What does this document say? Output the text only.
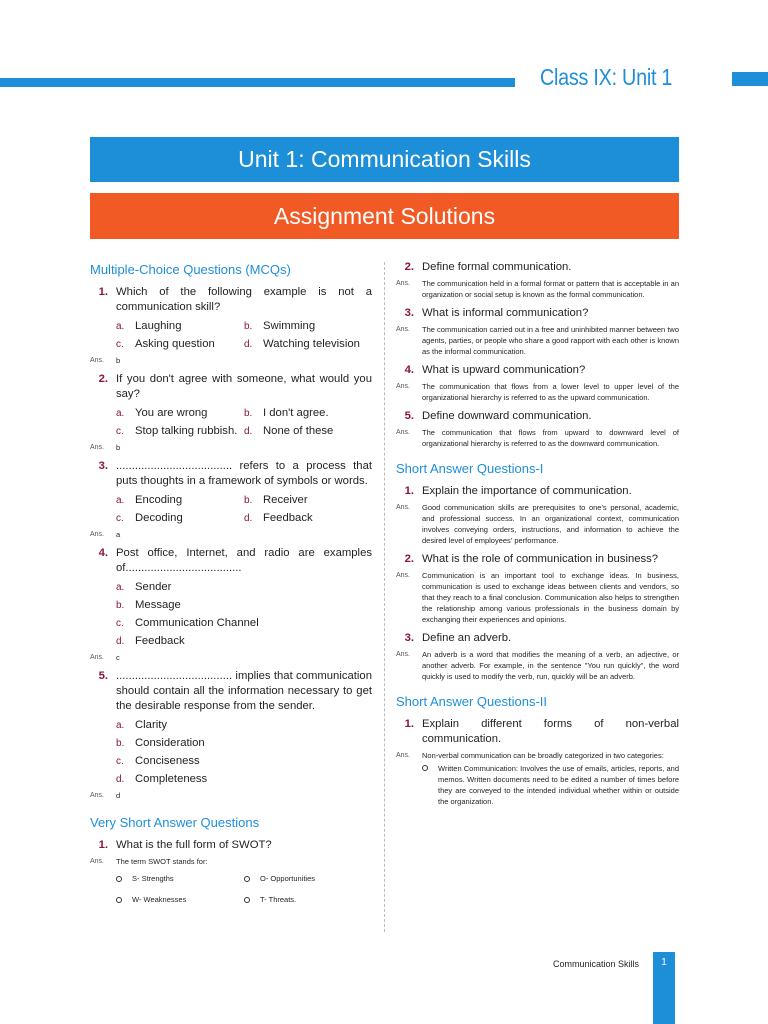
Class IX: Unit 1
Unit 1: Communication Skills
Assignment Solutions
Multiple-Choice Questions (MCQs)
1. Which of the following example is not a communication skill?
a. Laughing	b. Swimming
c. Asking question	d. Watching television
Ans.	b
2. If you don't agree with someone, what would you say?
a. You are wrong	b. I don't agree.
c. Stop talking rubbish. d. None of these
Ans.	b
3. ..................................... refers to a process that puts thoughts in a framework of symbols or words.
a. Encoding	b. Receiver
c. Decoding	d. Feedback
Ans.	a
4. Post office, Internet, and radio are examples of.....................................
a. Sender
b. Message
c. Communication Channel
d. Feedback
Ans.	c
5. ..................................... implies that communication should contain all the information necessary to get the desirable response from the sender.
a. Clarity
b. Consideration
c. Conciseness
d. Completeness
Ans.	d
Very Short Answer Questions
1. What is the full form of SWOT?
Ans.	The term SWOT stands for:
S- Strengths	O- Opportunities
W- Weaknesses	T- Threats.
2. Define formal communication.
Ans.	The communication held in a formal format or pattern that is acceptable in an organization or social setup is known as the formal communication.
3. What is informal communication?
Ans.	The communication carried out in a free and uninhibited manner between two agents, parties, or people who share a good rapport with each other is known as the informal communication.
4. What is upward communication?
Ans.	The communication that flows from a lower level to upper level of the organizational hierarchy is referred to as the upward communication.
5. Define downward communication.
Ans.	The communication that flows from upward to downward level of organizational hierarchy is referred to as the downward communication.
Short Answer Questions-I
1. Explain the importance of communication.
Ans.	Good communication skills are prerequisites to one's personal, academic, and professional success. In an organizational context, communication involves conveying orders, instructions, and information to achieve the desired level of employees' performance.
2. What is the role of communication in business?
Ans.	Communication is an important tool to exchange ideas. In business, communication is used to exchange ideas between clients and vendors, so that they reach to a final conclusion. Communication also helps to strengthen the relationship among various professionals in the business domain by exchanging their experiences and opinions.
3. Define an adverb.
Ans.	An adverb is a word that modifies the meaning of a verb, an adjective, or another adverb. For example, in the sentence "You run quickly", the word quickly is used to modify the verb, run, quickly will be an adverb.
Short Answer Questions-II
1. Explain different forms of non-verbal communication.
Ans.	Non-verbal communication can be broadly categorized in two categories:
Written Communication: Involves the use of emails, articles, reports, and memos. Written documents need to be edited a number of times before they are conveyed to the intended individual whether within or outside the organization.
Communication Skills	1
